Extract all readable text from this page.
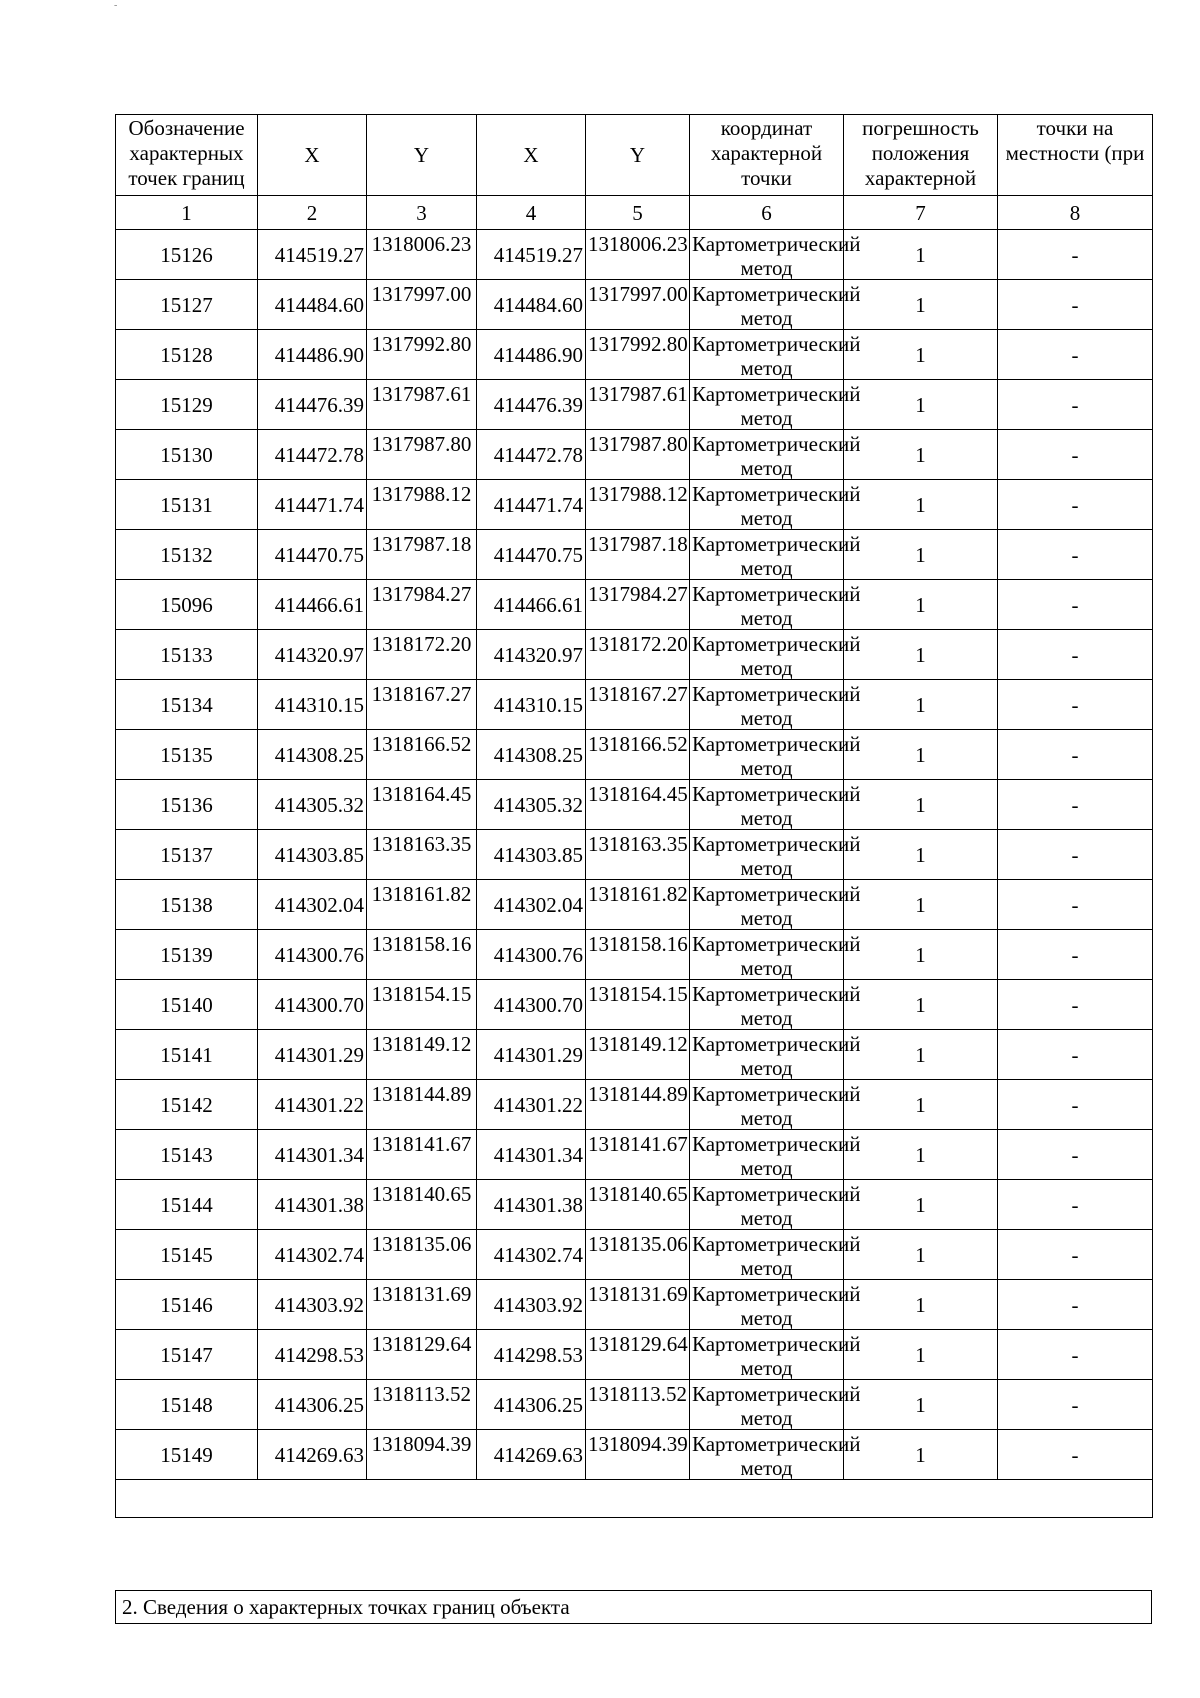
-
Обозначение характерных точек границ	X	Y	X	Y	координат характерной точки	погрешность положения характерной	точки на местности (при

1	2	3	4	5	6	7	8
15126	414519.27	1318006.23	414519.27	1318006.23	Картометрический метод	1	-
15127	414484.60	1317997.00	414484.60	1317997.00	Картометрический метод	1	-
15128	414486.90	1317992.80	414486.90	1317992.80	Картометрический метод	1	-
15129	414476.39	1317987.61	414476.39	1317987.61	Картометрический метод	1	-
15130	414472.78	1317987.80	414472.78	1317987.80	Картометрический метод	1	-
15131	414471.74	1317988.12	414471.74	1317988.12	Картометрический метод	1	-
15132	414470.75	1317987.18	414470.75	1317987.18	Картометрический метод	1	-
15096	414466.61	1317984.27	414466.61	1317984.27	Картометрический метод	1	-
15133	414320.97	1318172.20	414320.97	1318172.20	Картометрический метод	1	-
15134	414310.15	1318167.27	414310.15	1318167.27	Картометрический метод	1	-
15135	414308.25	1318166.52	414308.25	1318166.52	Картометрический метод	1	-
15136	414305.32	1318164.45	414305.32	1318164.45	Картометрический метод	1	-
15137	414303.85	1318163.35	414303.85	1318163.35	Картометрический метод	1	-
15138	414302.04	1318161.82	414302.04	1318161.82	Картометрический метод	1	-
15139	414300.76	1318158.16	414300.76	1318158.16	Картометрический метод	1	-
15140	414300.70	1318154.15	414300.70	1318154.15	Картометрический метод	1	-
15141	414301.29	1318149.12	414301.29	1318149.12	Картометрический метод	1	-
15142	414301.22	1318144.89	414301.22	1318144.89	Картометрический метод	1	-
15143	414301.34	1318141.67	414301.34	1318141.67	Картометрический метод	1	-
15144	414301.38	1318140.65	414301.38	1318140.65	Картометрический метод	1	-
15145	414302.74	1318135.06	414302.74	1318135.06	Картометрический метод	1	-
15146	414303.92	1318131.69	414303.92	1318131.69	Картометрический метод	1	-
15147	414298.53	1318129.64	414298.53	1318129.64	Картометрический метод	1	-
15148	414306.25	1318113.52	414306.25	1318113.52	Картометрический метод	1	-
15149	414269.63	1318094.39	414269.63	1318094.39	Картометрический метод	1	-

2. Сведения о характерных точках границ объекта
